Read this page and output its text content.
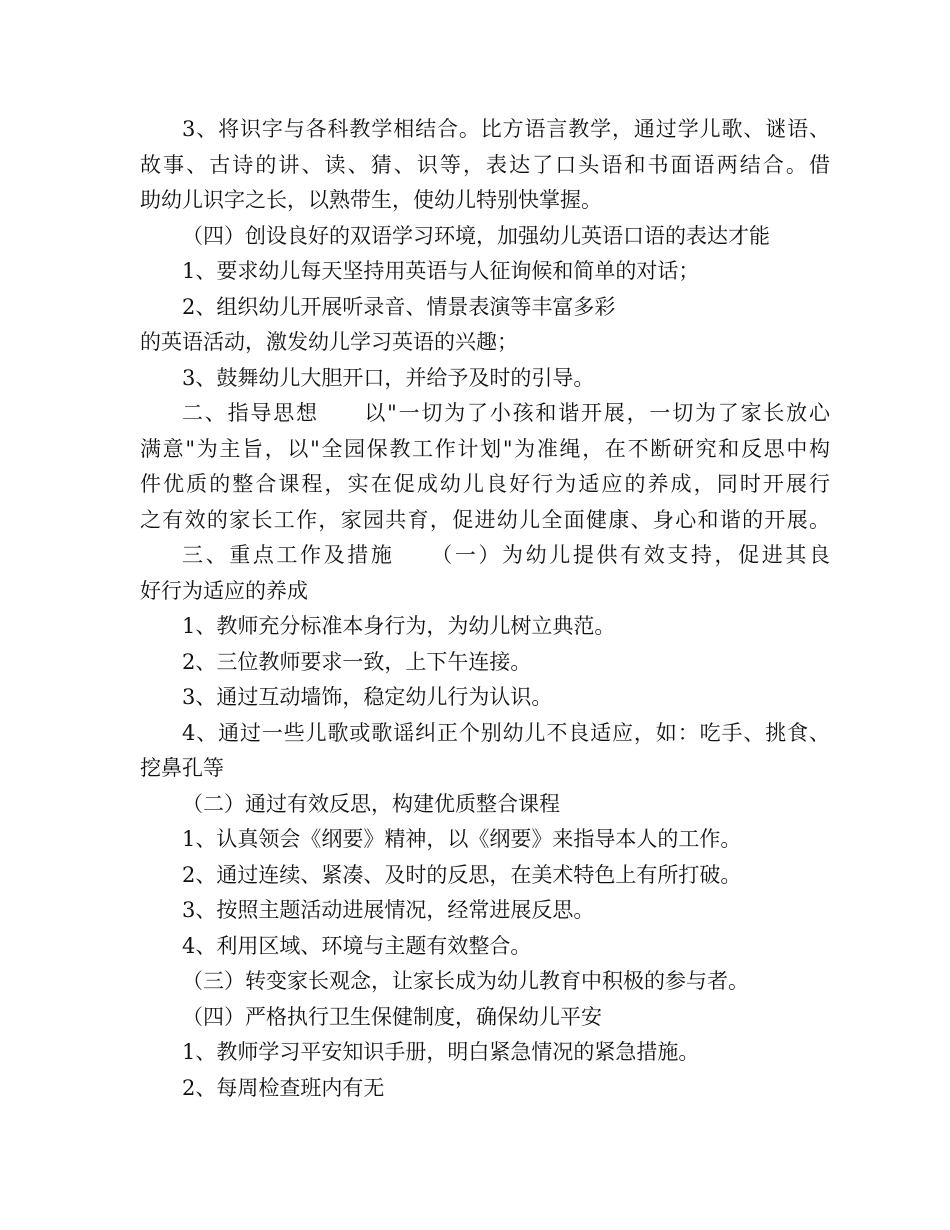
3、将识字与各科教学相结合。比方语言教学，通过学儿歌、谜语、
故事、古诗的讲、读、猜、识等，表达了口头语和书面语两结合。借
助幼儿识字之长，以熟带生，使幼儿特别快掌握。
（四）创设良好的双语学习环境，加强幼儿英语口语的表达才能
1、要求幼儿每天坚持用英语与人征询候和简单的对话；
2、组织幼儿开展听录音、情景表演等丰富多彩
的英语活动，激发幼儿学习英语的兴趣；
3、鼓舞幼儿大胆开口，并给予及时的引导。
二、指导思想　　以"一切为了小孩和谐开展，一切为了家长放心
满意"为主旨，以"全园保教工作计划"为准绳，在不断研究和反思中构
件优质的整合课程，实在促成幼儿良好行为适应的养成，同时开展行
之有效的家长工作，家园共育，促进幼儿全面健康、身心和谐的开展。
三、重点工作及措施　　（一）为幼儿提供有效支持，促进其良
好行为适应的养成
1、教师充分标准本身行为，为幼儿树立典范。
2、三位教师要求一致，上下午连接。
3、通过互动墙饰，稳定幼儿行为认识。
4、通过一些儿歌或歌谣纠正个别幼儿不良适应，如：吃手、挑食、
挖鼻孔等
（二）通过有效反思，构建优质整合课程
1、认真领会《纲要》精神，以《纲要》来指导本人的工作。
2、通过连续、紧凑、及时的反思，在美术特色上有所打破。
3、按照主题活动进展情况，经常进展反思。
4、利用区域、环境与主题有效整合。
（三）转变家长观念，让家长成为幼儿教育中积极的参与者。
（四）严格执行卫生保健制度，确保幼儿平安
1、教师学习平安知识手册，明白紧急情况的紧急措施。
2、每周检查班内有无
